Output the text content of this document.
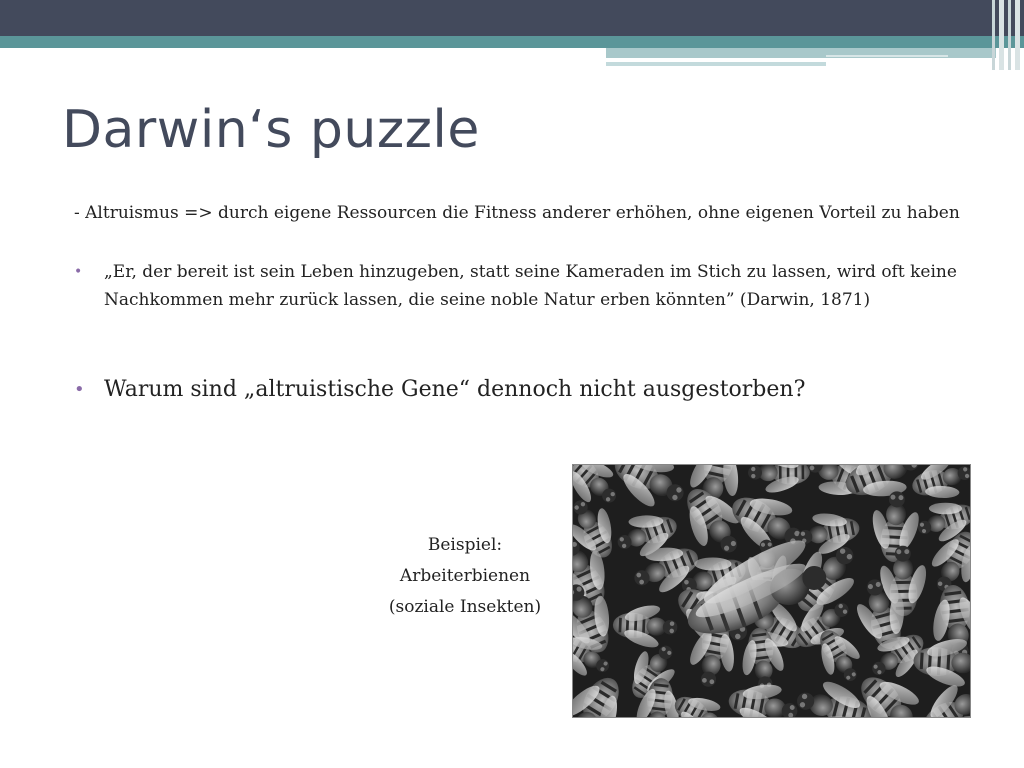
Darwin‘s puzzle
- Altruismus => durch eigene Ressourcen die Fitness anderer erhöhen, ohne eigenen Vorteil zu haben
•	„Er, der bereit ist sein Leben hinzugeben, statt seine Kameraden im Stich zu lassen, wird oft keine Nachkommen mehr zurück lassen, die seine noble Natur erben könnten” (Darwin, 1871)
• Warum sind „altruistische Gene“ dennoch nicht ausgestorben?
Beispiel:
Arbeiterbienen
(soziale Insekten)
